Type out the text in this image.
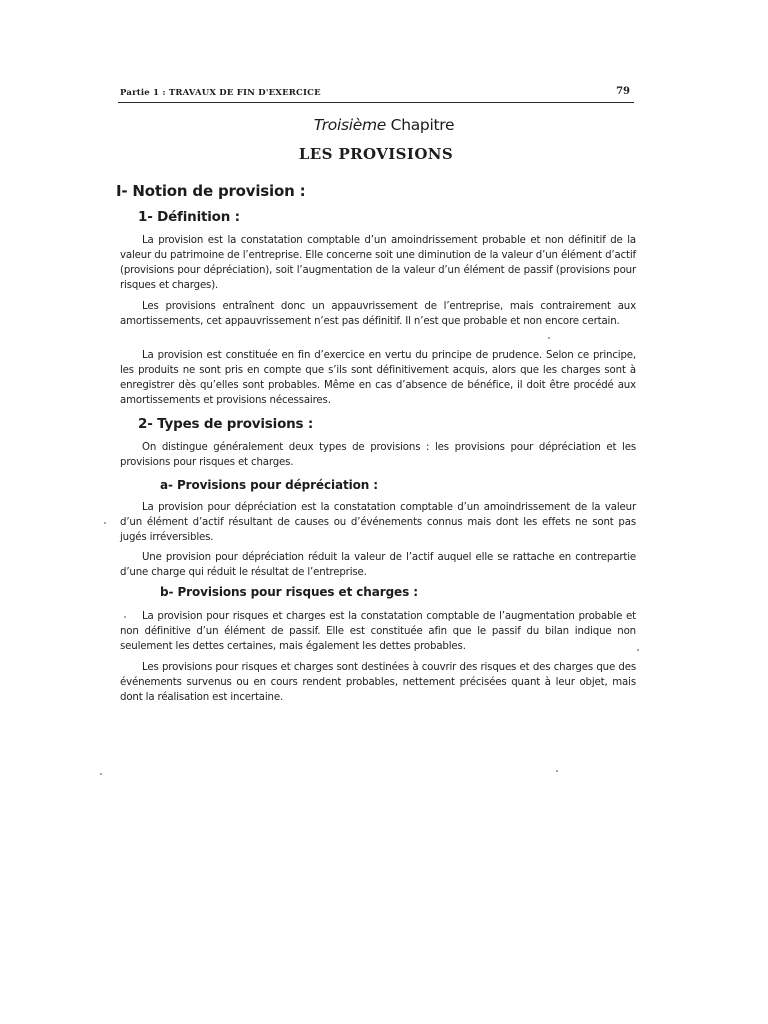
Partie 1 : TRAVAUX DE FIN D'EXERCICE	79
Troisième Chapitre
LES PROVISIONS
I- Notion de provision :
1- Définition :
La provision est la constatation comptable d’un amoindrissement probable et non définitif de la valeur du patrimoine de l’entreprise. Elle concerne soit une diminution de la valeur d’un élément d’actif (provisions pour dépréciation), soit l’augmentation de la valeur d’un élément de passif (provisions pour risques et charges).
Les provisions entraînent donc un appauvrissement de l’entreprise, mais contrairement aux amortissements, cet appauvrissement n’est pas définitif. Il n’est que probable et non encore certain.
La provision est constituée en fin d’exercice en vertu du principe de prudence. Selon ce principe, les produits ne sont pris en compte que s’ils sont définitivement acquis, alors que les charges sont à enregistrer dès qu’elles sont probables. Même en cas d’absence de bénéfice, il doit être procédé aux amortissements et provisions nécessaires.
2- Types de provisions :
On distingue généralement deux types de provisions : les provisions pour dépréciation et les provisions pour risques et charges.
a- Provisions pour dépréciation :
La provision pour dépréciation est la constatation comptable d’un amoindrissement de la valeur d’un élément d’actif résultant de causes ou d’événements connus mais dont les effets ne sont pas jugés irréversibles.
Une provision pour dépréciation réduit la valeur de l’actif auquel elle se rattache en contrepartie d’une charge qui réduit le résultat de l’entreprise.
b- Provisions pour risques et charges :
La provision pour risques et charges est la constatation comptable de l’augmentation probable et non définitive d’un élément de passif. Elle est constituée afin que le passif du bilan indique non seulement les dettes certaines, mais également les dettes probables.
Les provisions pour risques et charges sont destinées à couvrir des risques et des charges que des événements survenus ou en cours rendent probables, nettement précisées quant à leur objet, mais dont la réalisation est incertaine.
